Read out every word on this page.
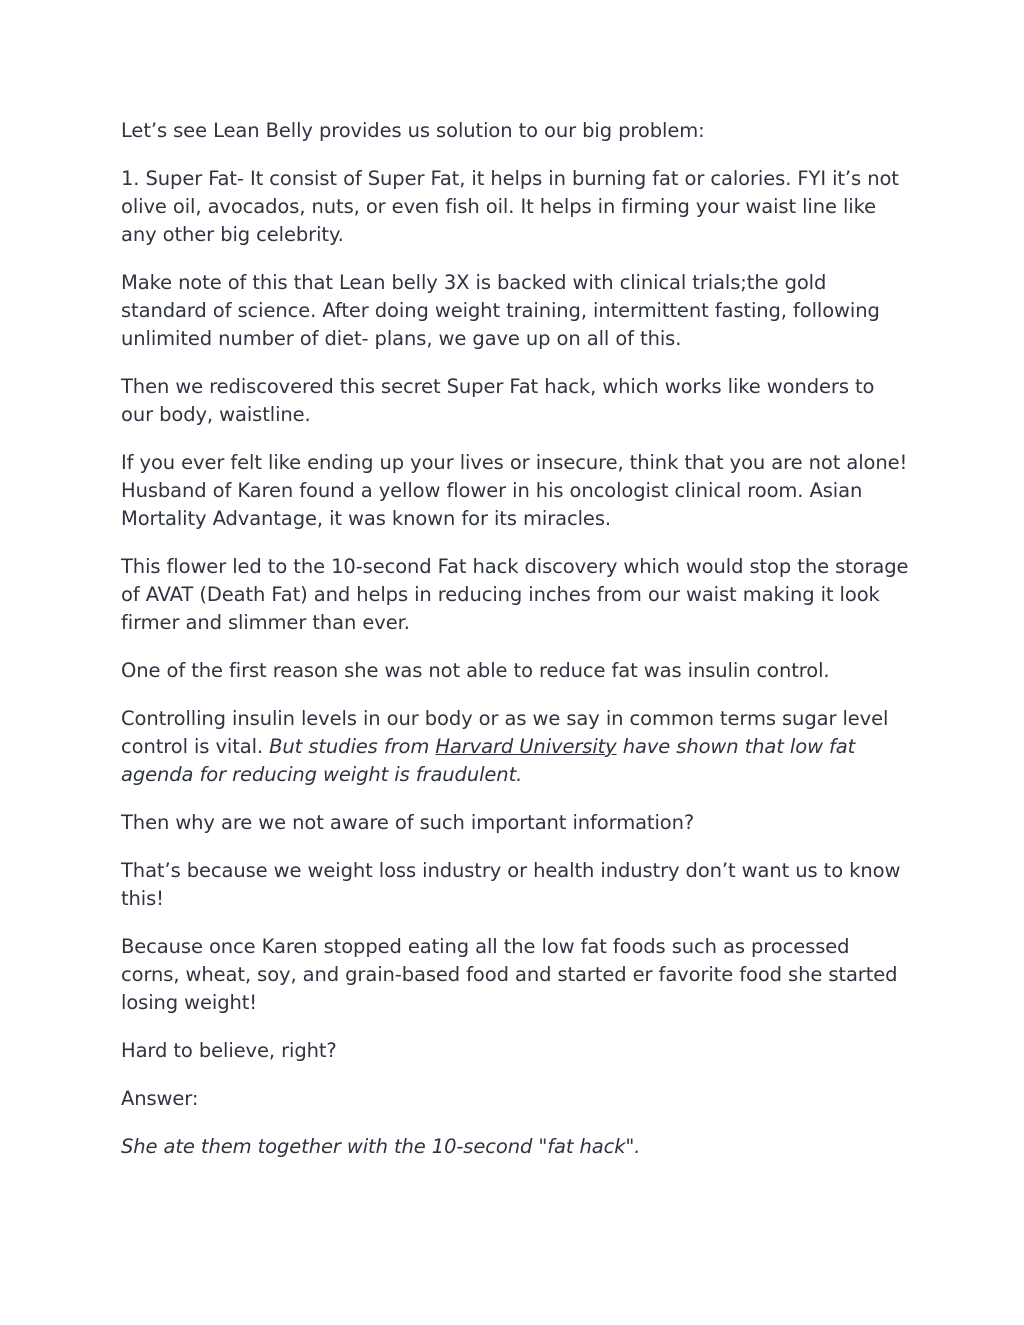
Let’s see Lean Belly provides us solution to our big problem:

1. Super Fat- It consist of Super Fat, it helps in burning fat or calories. FYI it’s not olive oil, avocados, nuts, or even fish oil. It helps in firming your waist line like any other big celebrity.

Make note of this that Lean belly 3X is backed with clinical trials;the gold standard of science. After doing weight training, intermittent fasting, following unlimited number of diet- plans, we gave up on all of this.

Then we rediscovered this secret Super Fat hack, which works like wonders to our body, waistline.

If you ever felt like ending up your lives or insecure, think that you are not alone! Husband of Karen found a yellow flower in his oncologist clinical room. Asian Mortality Advantage, it was known for its miracles.

This flower led to the 10-second Fat hack discovery which would stop the storage of AVAT (Death Fat) and helps in reducing inches from our waist making it look firmer and slimmer than ever.

One of the first reason she was not able to reduce fat was insulin control.

Controlling insulin levels in our body or as we say in common terms sugar level control is vital. But studies from Harvard University have shown that low fat agenda for reducing weight is fraudulent.

Then why are we not aware of such important information?

That’s because we weight loss industry or health industry don’t want us to know this!

Because once Karen stopped eating all the low fat foods such as processed corns, wheat, soy, and grain-based food and started er favorite food she started losing weight!

Hard to believe, right?

Answer:

She ate them together with the 10-second "fat hack".
